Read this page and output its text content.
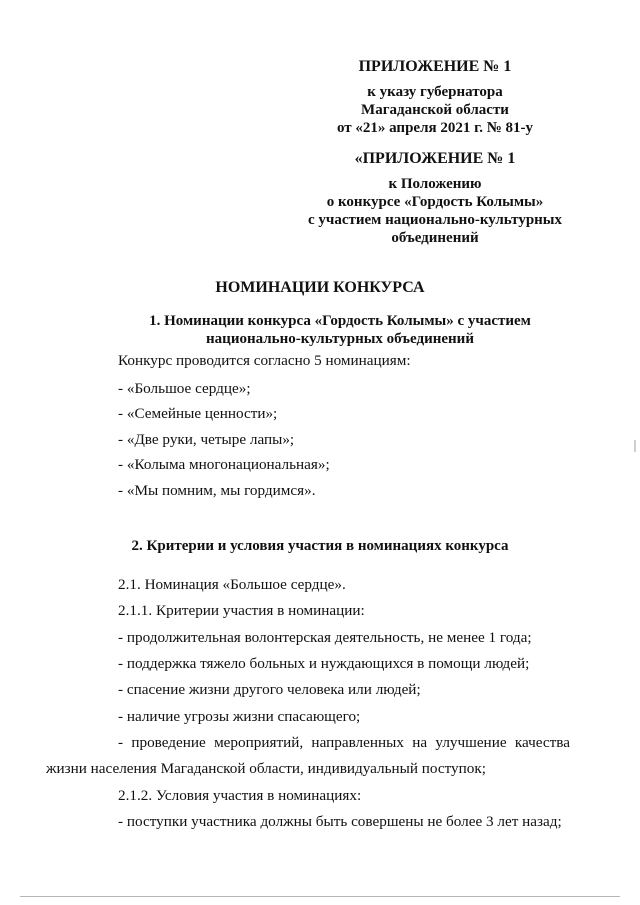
ПРИЛОЖЕНИЕ № 1
к указу губернатора
Магаданской области
от «21» апреля 2021 г. № 81-у
«ПРИЛОЖЕНИЕ № 1
к Положению
о конкурсе «Гордость Колымы»
с участием национально-культурных
объединений
НОМИНАЦИИ КОНКУРСА
1. Номинации конкурса «Гордость Колымы» с участием
национально-культурных объединений
Конкурс проводится согласно 5 номинациям:
- «Большое сердце»;
- «Семейные ценности»;
- «Две руки, четыре лапы»;
- «Колыма многонациональная»;
- «Мы помним, мы гордимся».
2. Критерии и условия участия в номинациях конкурса
2.1. Номинация «Большое сердце».
2.1.1. Критерии участия в номинации:
- продолжительная волонтерская деятельность, не менее 1 года;
- поддержка тяжело больных и нуждающихся в помощи людей;
- спасение жизни другого человека или людей;
- наличие угрозы жизни спасающего;
- проведение мероприятий, направленных на улучшение качества
жизни населения Магаданской области, индивидуальный поступок;
2.1.2. Условия участия в номинациях:
- поступки участника должны быть совершены не более 3 лет назад;
